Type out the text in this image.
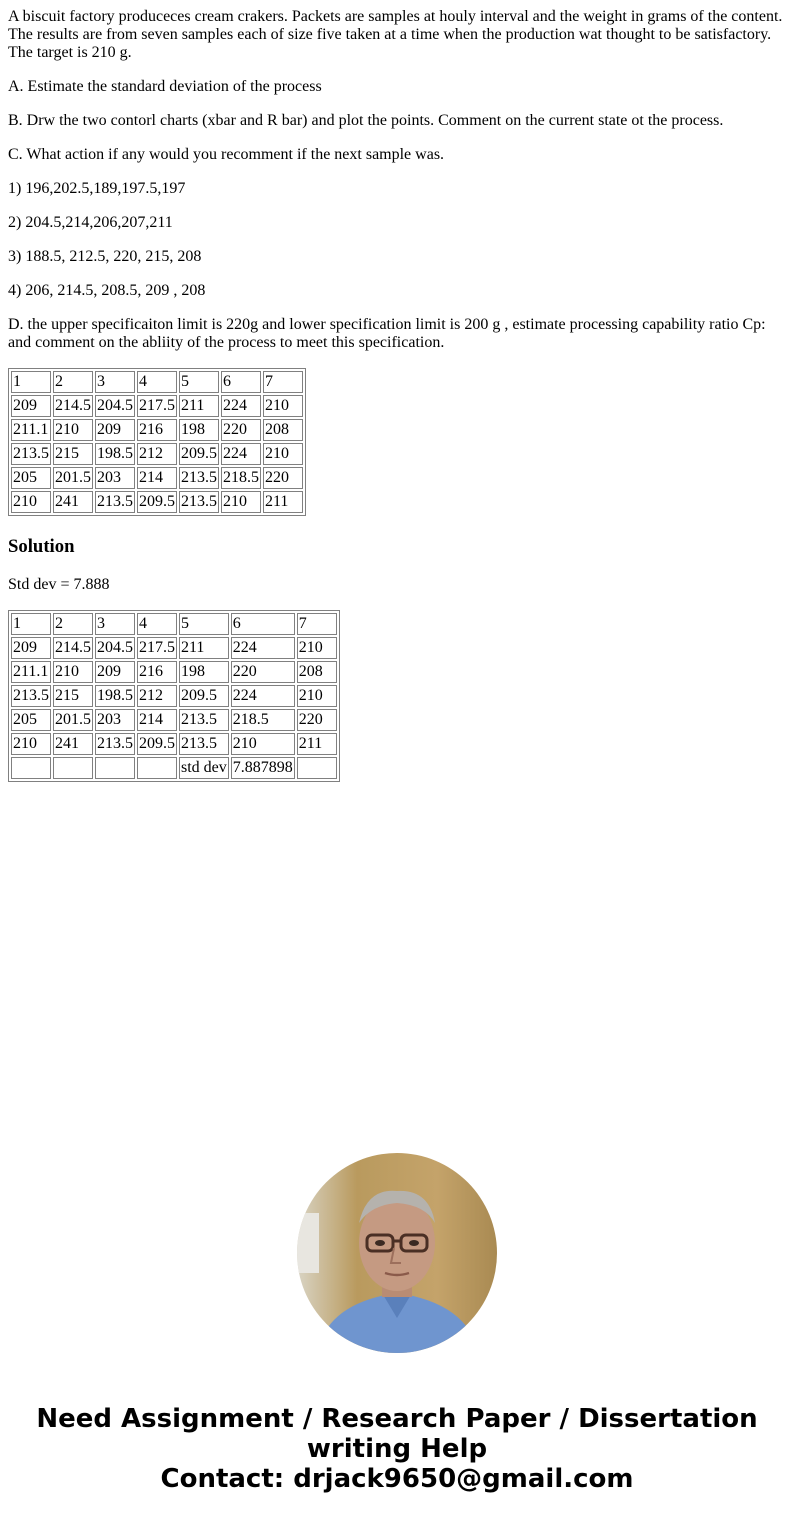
A biscuit factory produceces cream crakers. Packets are samples at houly interval and the weight in grams of the content. The results are from seven samples each of size five taken at a time when the production wat thought to be satisfactory. The target is 210 g.

A. Estimate the standard deviation of the process

B. Drw the two contorl charts (xbar and R bar) and plot the points. Comment on the current state ot the process.

C. What action if any would you recomment if the next sample was.

1) 196,202.5,189,197.5,197

2) 204.5,214,206,207,211

3) 188.5, 212.5, 220, 215, 208

4) 206, 214.5, 208.5, 209 , 208

D. the upper specificaiton limit is 220g and lower specification limit is 200 g , estimate processing capability ratio Cp: and comment on the abliity of the process to meet this specification.

1	2	3	4	5	6	7
209	214.5	204.5	217.5	211	224	210
211.1	210	209	216	198	220	208
213.5	215	198.5	212	209.5	224	210
205	201.5	203	214	213.5	218.5	220
210	241	213.5	209.5	213.5	210	211
Solution

Std dev = 7.888

1	2	3	4	5	6	7
209	214.5	204.5	217.5	211	224	210
211.1	210	209	216	198	220	208
213.5	215	198.5	212	209.5	224	210
205	201.5	203	214	213.5	218.5	220
210	241	213.5	209.5	213.5	210	211
				std dev	7.887898	
Need Assignment / Research Paper / Dissertation
writing Help
Contact: drjack9650@gmail.com
